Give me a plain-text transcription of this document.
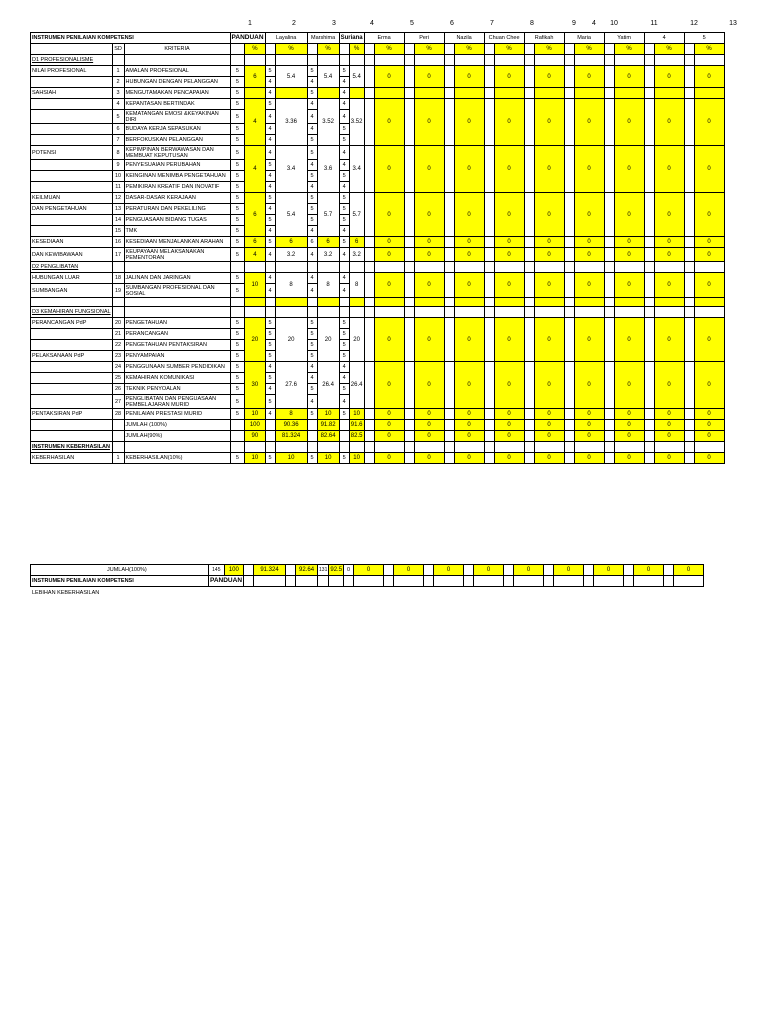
1	2	3	4	5	6	7	8	9	4	10	11	12	13
INSTRUMEN PENILAIAN KOMPETENSI			PANDUAN		Layalina		Marshima		Suriana		Erma		Peri		Nazila		Chuan Chee		Rafikah		Maria		Yatim		4		5	
	SD	KRITERIA		%		%		%		%		%		%		%		%		%		%		%		%		%
D1 PROFESIONALISME																												
NILAI PROFESIONAL	1	AMALAN PROFESIONAL	5	6	5	5.4	5	5.4	5	5.4		0		0		0		0		0		0		0		0		0
	2	HUBUNGAN DENGAN PELANGGAN	5		4		4		4																			
SAHSIAH	3	MENGUTAMAKAN PENCAPAIAN	5		4		5		4																			
	4	KEPANTASAN BERTINDAK	5	4	5	3.36	4	3.52	4	3.52		0		0		0		0		0		0		0		0		0
	5	KEMATANGAN EMOSI &KEYAKINAN DIRI	5		4		4		4																			
	6	BUDAYA KERJA SEPASUKAN	5		4		4		5																			
	7	BERFOKUSKAN PELANGGAN	5		4		5		5																			
POTENSI	8	KEPIMPINAN BERWAWASAN DAN MEMBUAT KEPUTUSAN	5	4	4	3.4	5	3.6	4	3.4		0		0		0		0		0		0		0		0		0
	9	PENYESUAIAN PERUBAHAN	5		5		4		4																			
	10	KEINGINAN MENIMBA PENGETAHUAN	5		4		5		5																			
	11	PEMIKIRAN KREATIF DAN INOVATIF	5		4		4		4																			
KEILMUAN	12	DASAR-DASAR KERAJAAN	5	6	5	5.4	5	5.7	5	5.7		0		0		0		0		0		0		0		0		0
DAN PENGETAHUAN	13	PERATURAN DAN PEKELILING	5		4		5		5																			
	14	PENGUASAAN BIDANG TUGAS	5		5		5		5																			
	15	TMK	5		4		4		4																			
KESEDIAAN	16	KESEDIAAN MENJALANKAN ARAHAN	5	6	5	6	6	6	5	6		0		0		0		0		0		0		0		0		0
DAN KEWIBAWAAN	17	KEUPAYAAN MELAKSANAKAN PEMENTORAN	5	4	4	3.2	4	3.2	4	3.2		0		0		0		0		0		0		0		0		0
D2 PENGLIBATAN																												
HUBUNGAN LUAR	18	JALINAN DAN JARINGAN	5	10	4	8	4	8	4	8		0		0		0		0		0		0		0		0		0
SUMBANGAN	19	SUMBANGAN PROFESIONAL DAN SOSIAL	5		4		4		4																			

D3 KEMAHIRAN FUNGSIONAL																												
PERANCANGAN PdP	20	PENGETAHUAN	5	20	5	20	5	20	5	20		0		0		0		0		0		0		0		0		0
	21	PERANCANGAN	5		5		5		5																			
	22	PENGETAHUAN PENTAKSIRAN	5		5		5		5																			
PELAKSANAAN PdP	23	PENYAMPAIAN	5		5		5		5																			
	24	PENGGUNAAN SUMBER PENDIDIKAN	5	30	4	27.6	4	26.4	4	26.4		0		0		0		0		0		0		0		0		0
	25	KEMAHIRAN KOMUNIKASI	5		5		4		4																			
	26	TEKNIK PENYOALAN	5		4		5		5																			
	27	PENGLIBATAN DAN PENGUASAAN PEMBELAJARAN MURID	5		5		4		4																			
PENTAKSIRAN PdP	28	PENILAIAN PRESTASI MURID	5	10	4	8	5	10	5	10		0		0		0		0		0		0		0		0		0
		JUMLAH (100%)		100		90.36		91.82		91.6		0		0		0		0		0		0		0		0		0
		JUMLAH(90%)		90		81.324		82.64		82.5		0		0		0		0		0		0		0		0		0
INSTRUMEN KEBERHASILAN																												
KEBERHASILAN	1	KEBERHASILAN(10%)	5	10	5	10	5	10	5	10		0		0		0		0		0		0		0		0		0
JUMLAH(100%)	145	100		91.324		92.64	131	92.5	0	0		0		0		0		0		0		0		0		0
INSTRUMEN PENILAIAN KOMPETENSI	PANDUAN																									
LEBIHAN KEBERHASILAN
